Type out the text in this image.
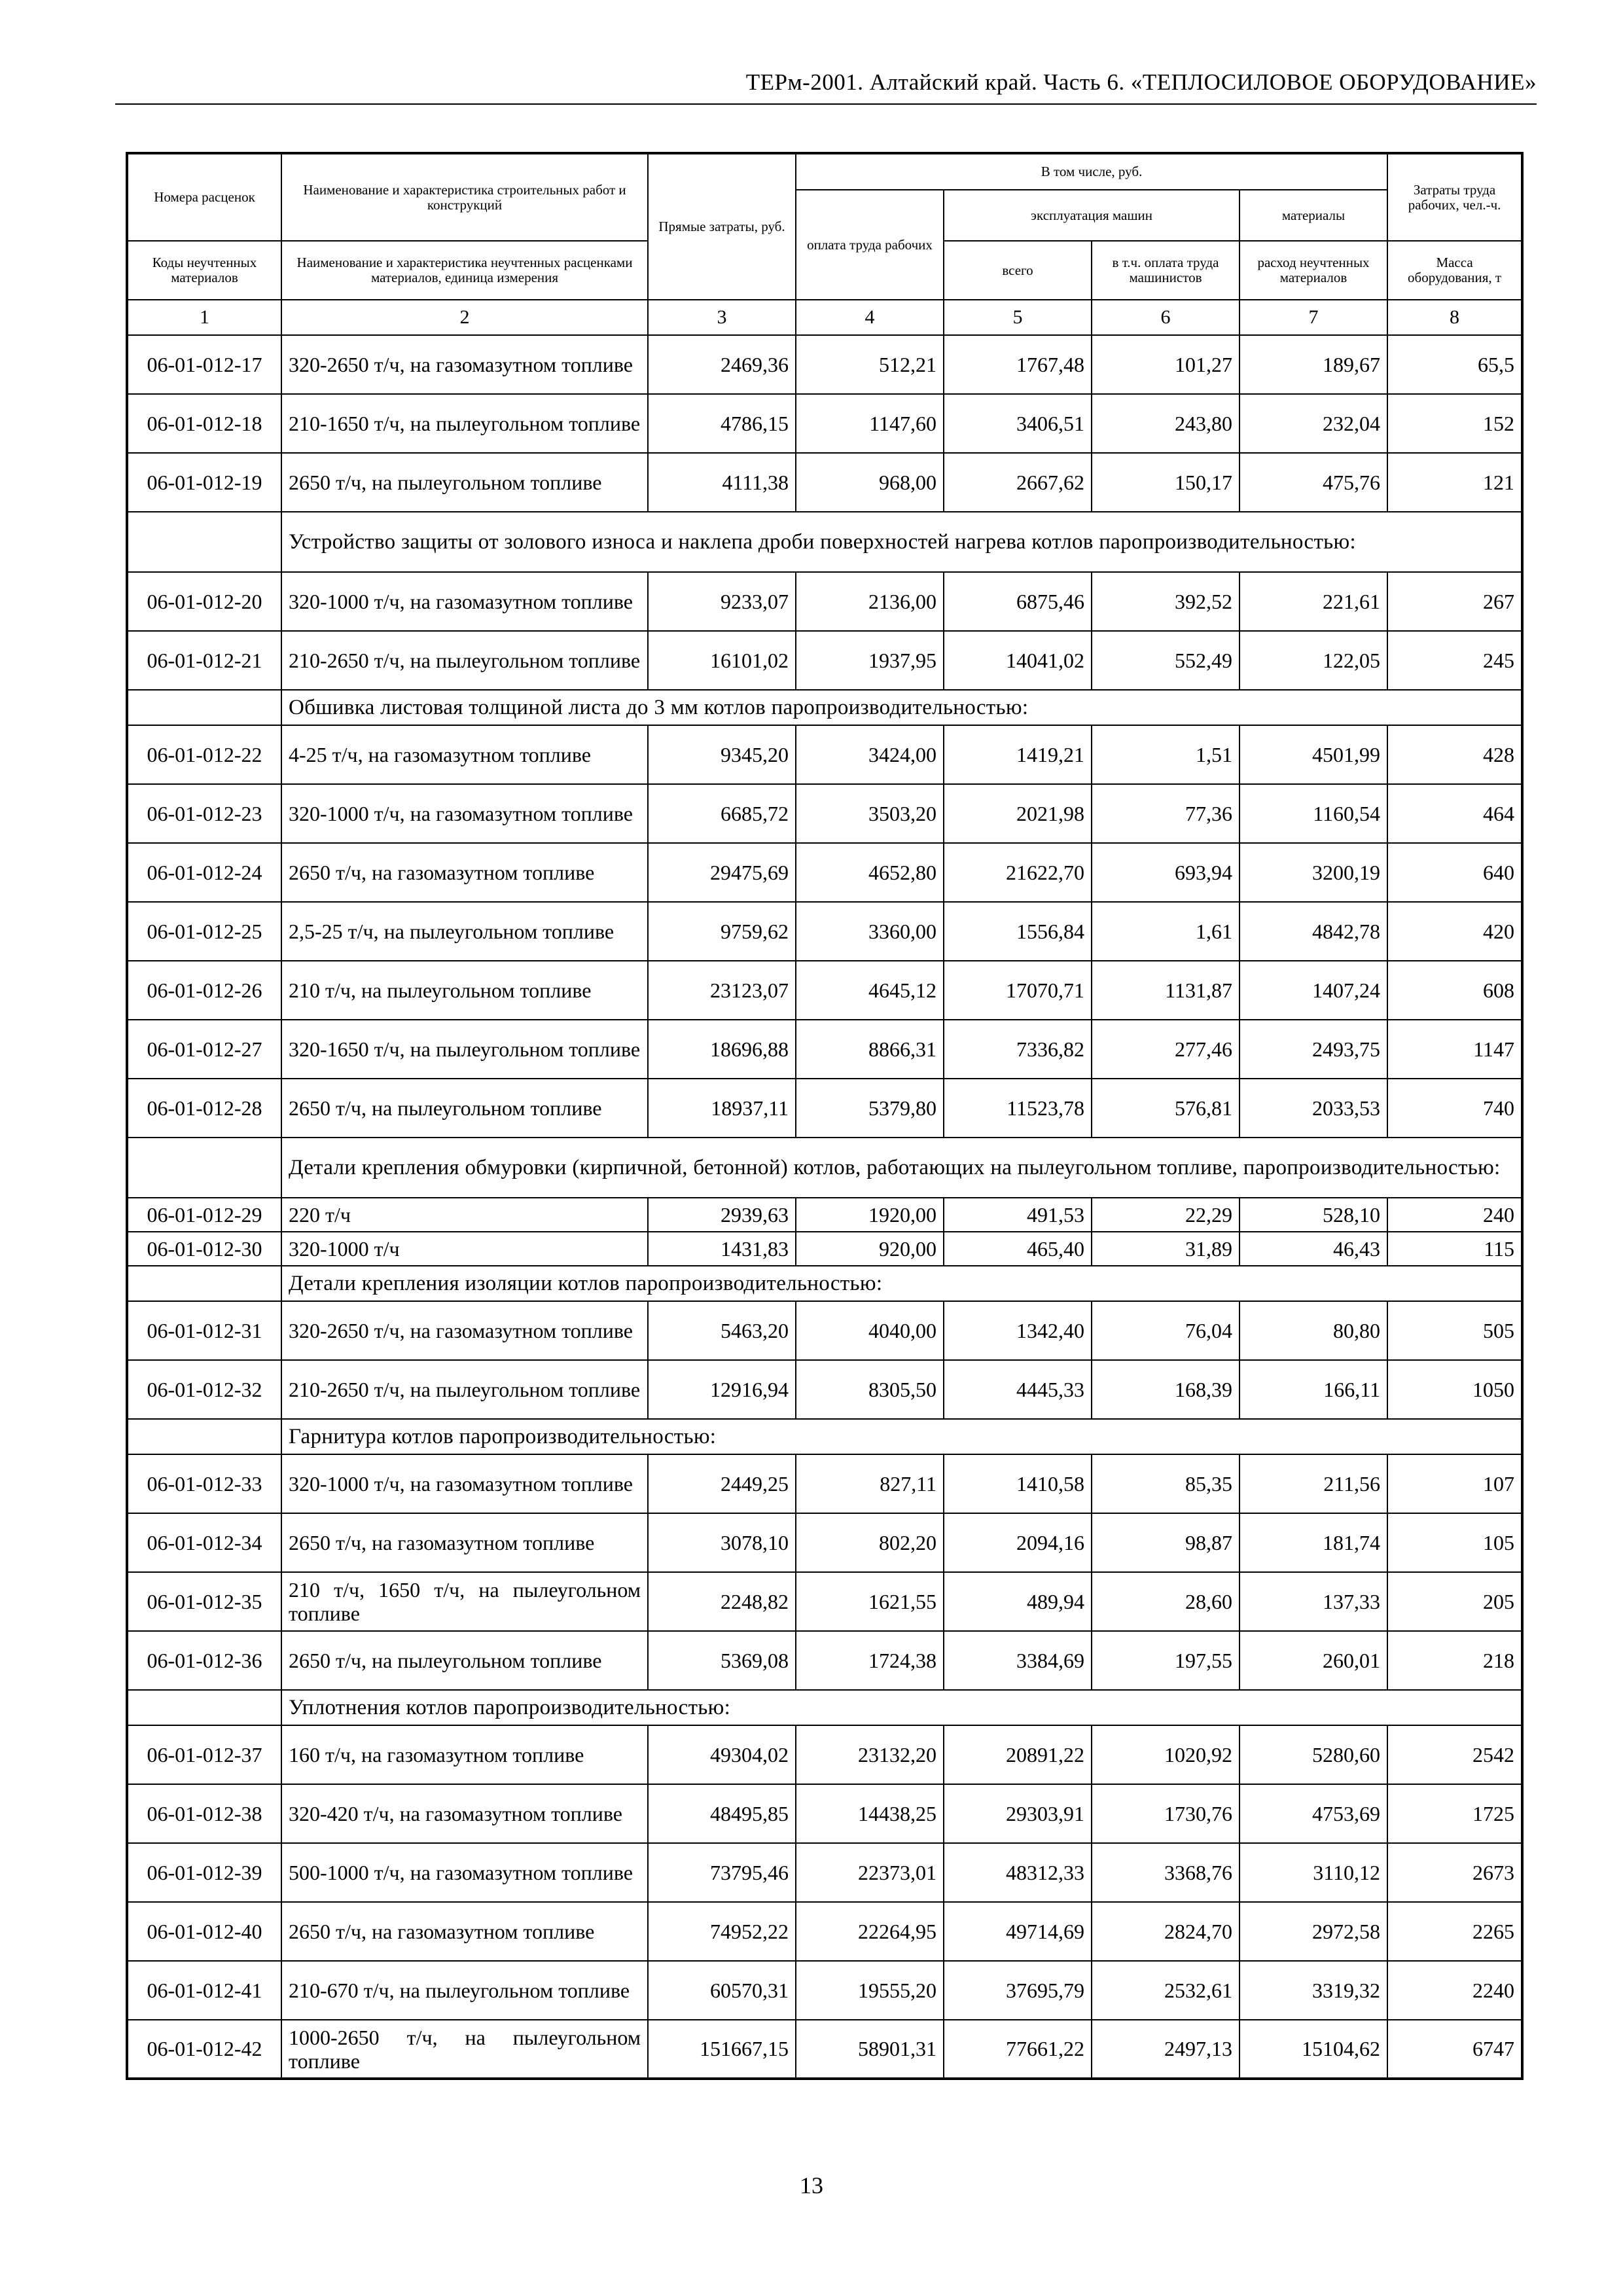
ТЕРм-2001. Алтайский край. Часть 6. «ТЕПЛОСИЛОВОЕ ОБОРУДОВАНИЕ»
Номера расценок	Наименование и характеристика строительных работ и конструкций	Прямые затраты, руб.	В том числе, руб.				Затраты труда рабочих, чел.-ч.
			оплата труда рабочих	эксплуатация машин		материалы	
Коды неучтенных материалов	Наименование и характеристика неучтенных расценками материалов, единица измерения			всего	в т.ч. оплата труда машинистов	расход неучтенных материалов	Масса оборудования, т
1	2	3	4	5	6	7	8
06-01-012-17	320-2650 т/ч, на газомазутном топливе	2469,36	512,21	1767,48	101,27	189,67	65,5
06-01-012-18	210-1650 т/ч, на пылеугольном топливе	4786,15	1147,60	3406,51	243,80	232,04	152
06-01-012-19	2650 т/ч, на пылеугольном топливе	4111,38	968,00	2667,62	150,17	475,76	121
	Устройство защиты от золового износа и наклепа дроби поверхностей нагрева котлов паропроизводительностью:						
06-01-012-20	320-1000 т/ч, на газомазутном топливе	9233,07	2136,00	6875,46	392,52	221,61	267
06-01-012-21	210-2650 т/ч, на пылеугольном топливе	16101,02	1937,95	14041,02	552,49	122,05	245
	Обшивка листовая толщиной листа до 3 мм котлов паропроизводительностью:						
06-01-012-22	4-25 т/ч, на газомазутном топливе	9345,20	3424,00	1419,21	1,51	4501,99	428
06-01-012-23	320-1000 т/ч, на газомазутном топливе	6685,72	3503,20	2021,98	77,36	1160,54	464
06-01-012-24	2650 т/ч, на газомазутном топливе	29475,69	4652,80	21622,70	693,94	3200,19	640
06-01-012-25	2,5-25 т/ч, на пылеугольном топливе	9759,62	3360,00	1556,84	1,61	4842,78	420
06-01-012-26	210 т/ч, на пылеугольном топливе	23123,07	4645,12	17070,71	1131,87	1407,24	608
06-01-012-27	320-1650 т/ч, на пылеугольном топливе	18696,88	8866,31	7336,82	277,46	2493,75	1147
06-01-012-28	2650 т/ч, на пылеугольном топливе	18937,11	5379,80	11523,78	576,81	2033,53	740
	Детали крепления обмуровки (кирпичной, бетонной) котлов, работающих на пылеугольном топливе, паропроизводительностью:						
06-01-012-29	220 т/ч	2939,63	1920,00	491,53	22,29	528,10	240
06-01-012-30	320-1000 т/ч	1431,83	920,00	465,40	31,89	46,43	115
	Детали крепления изоляции котлов паропроизводительностью:						
06-01-012-31	320-2650 т/ч, на газомазутном топливе	5463,20	4040,00	1342,40	76,04	80,80	505
06-01-012-32	210-2650 т/ч, на пылеугольном топливе	12916,94	8305,50	4445,33	168,39	166,11	1050
	Гарнитура котлов паропроизводительностью:						
06-01-012-33	320-1000 т/ч, на газомазутном топливе	2449,25	827,11	1410,58	85,35	211,56	107
06-01-012-34	2650 т/ч, на газомазутном топливе	3078,10	802,20	2094,16	98,87	181,74	105
06-01-012-35	210 т/ч, 1650 т/ч, на пылеугольном топливе	2248,82	1621,55	489,94	28,60	137,33	205
06-01-012-36	2650 т/ч, на пылеугольном топливе	5369,08	1724,38	3384,69	197,55	260,01	218
	Уплотнения котлов паропроизводительностью:						
06-01-012-37	160 т/ч, на газомазутном топливе	49304,02	23132,20	20891,22	1020,92	5280,60	2542
06-01-012-38	320-420 т/ч, на газомазутном топливе	48495,85	14438,25	29303,91	1730,76	4753,69	1725
06-01-012-39	500-1000 т/ч, на газомазутном топливе	73795,46	22373,01	48312,33	3368,76	3110,12	2673
06-01-012-40	2650 т/ч, на газомазутном топливе	74952,22	22264,95	49714,69	2824,70	2972,58	2265
06-01-012-41	210-670 т/ч, на пылеугольном топливе	60570,31	19555,20	37695,79	2532,61	3319,32	2240
06-01-012-42	1000-2650 т/ч, на пылеугольном топливе	151667,15	58901,31	77661,22	2497,13	15104,62	6747
13
